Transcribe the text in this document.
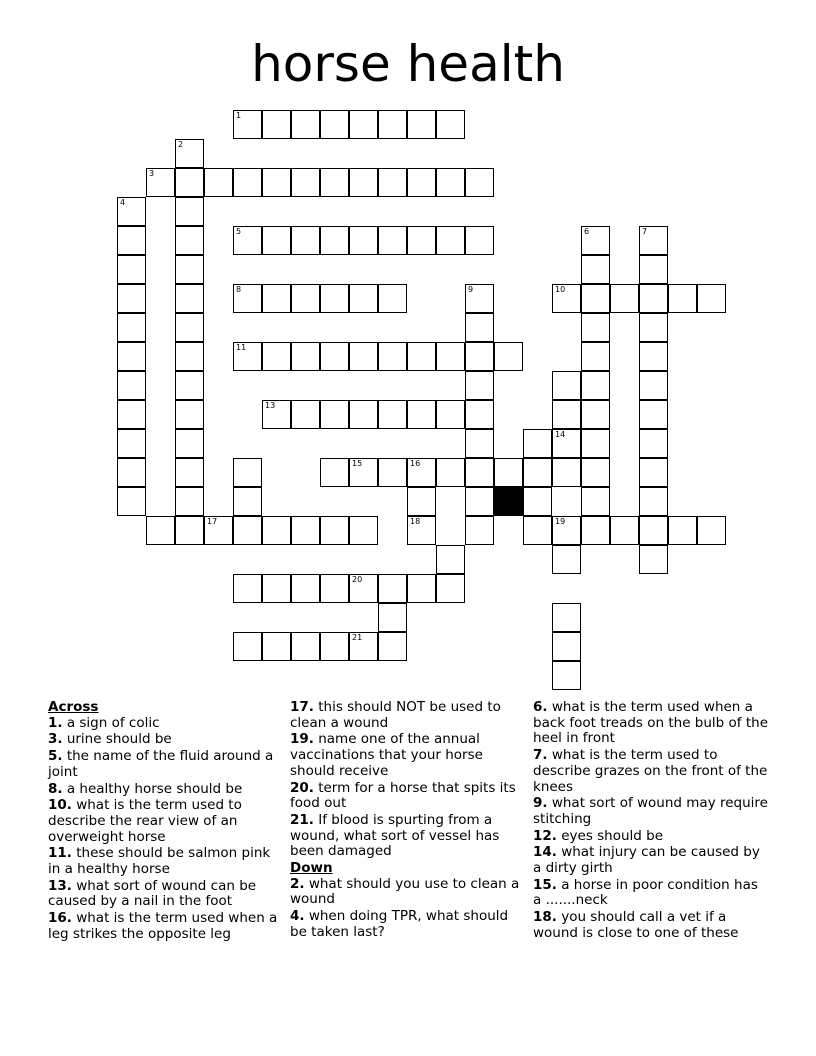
horse health
1
2
3
4
5	6	7
8	9	10
11
13
14
15	16
17	18	19
20
21
Across
1. a sign of colic
3. urine should be
5. the name of the fluid around a joint
8. a healthy horse should be
10. what is the term used to describe the rear view of an overweight horse
11. these should be salmon pink in a healthy horse
13. what sort of wound can be caused by a nail in the foot
16. what is the term used when a leg strikes the opposite leg
17. this should NOT be used to clean a wound
19. name one of the annual vaccinations that your horse should receive
20. term for a horse that spits its food out
21. If blood is spurting from a wound, what sort of vessel has been damaged
Down
2. what should you use to clean a wound
4. when doing TPR, what should be taken last?
6. what is the term used when a back foot treads on the bulb of the heel in front
7. what is the term used to describe grazes on the front of the knees
9. what sort of wound may require stitching
12. eyes should be
14. what injury can be caused by a dirty girth
15. a horse in poor condition has a .......neck
18. you should call a vet if a wound is close to one of these
